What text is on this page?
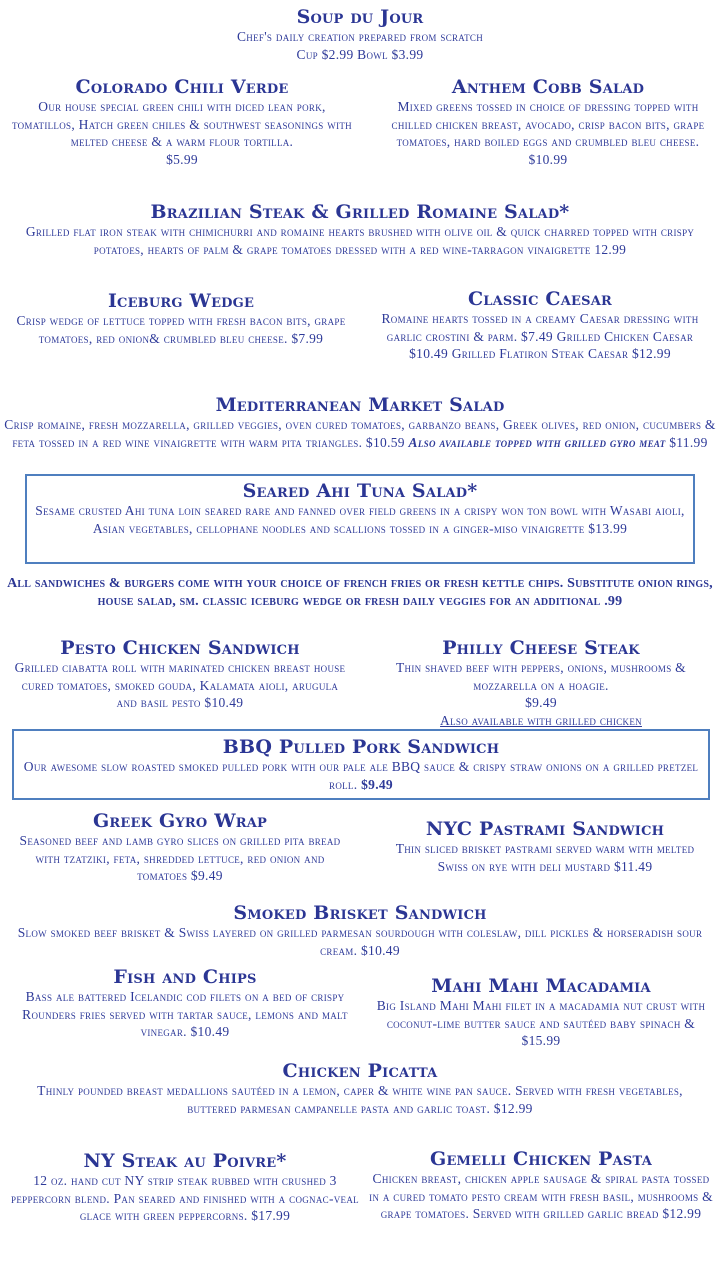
Soup du Jour
Chef's daily creation prepared from scratch
Cup $2.99 Bowl $3.99
Colorado Chili Verde
Our house special green chili with diced lean pork, tomatillos, Hatch green chiles & southwest seasonings with melted cheese & a warm flour tortilla.
$5.99
Anthem Cobb Salad
Mixed greens tossed in choice of dressing topped with chilled chicken breast, avocado, crisp bacon bits, grape tomatoes, hard boiled eggs and crumbled bleu cheese. $10.99
Brazilian Steak & Grilled Romaine Salad*
Grilled flat iron steak with chimichurri and romaine hearts brushed with olive oil & quick charred topped with crispy potatoes, hearts of palm & grape tomatoes dressed with a red wine-tarragon vinaigrette 12.99
Iceburg Wedge
Crisp wedge of lettuce topped with fresh bacon bits, grape tomatoes, red onion& crumbled bleu cheese. $7.99
Classic Caesar
Romaine hearts tossed in a creamy Caesar dressing with garlic crostini & parm. $7.49 Grilled Chicken Caesar $10.49 Grilled Flatiron Steak Caesar $12.99
Mediterranean Market Salad
Crisp romaine, fresh mozzarella, grilled veggies, oven cured tomatoes, garbanzo beans, Greek olives, red onion, cucumbers & feta tossed in a red wine vinaigrette with warm pita triangles. $10.59 Also available topped with grilled gyro meat $11.99
Seared Ahi Tuna Salad*
Sesame crusted Ahi tuna loin seared rare and fanned over field greens in a crispy won ton bowl with Wasabi aioli, Asian vegetables, cellophane noodles and scallions tossed in a ginger-miso vinaigrette $13.99
All sandwiches & burgers come with your choice of french fries or fresh kettle chips. Substitute onion rings, house salad, sm. classic iceburg wedge or fresh daily veggies for an additional .99
Pesto Chicken Sandwich
Grilled ciabatta roll with marinated chicken breast house cured tomatoes, smoked gouda, Kalamata aioli, arugula and basil pesto $10.49
Philly Cheese Steak
Thin shaved beef with peppers, onions, mushrooms & mozzarella on a hoagie.
$9.49
Also available with grilled chicken
BBQ Pulled Pork Sandwich
Our awesome slow roasted smoked pulled pork with our pale ale BBQ sauce & crispy straw onions on a grilled pretzel roll. $9.49
Greek Gyro Wrap
Seasoned beef and lamb gyro slices on grilled pita bread with tzatziki, feta, shredded lettuce, red onion and tomatoes $9.49
NYC Pastrami Sandwich
Thin sliced brisket pastrami served warm with melted Swiss on rye with deli mustard $11.49
Smoked Brisket Sandwich
Slow smoked beef brisket & Swiss layered on grilled parmesan sourdough with coleslaw, dill pickles & horseradish sour cream. $10.49
Fish and Chips
Bass ale battered Icelandic cod filets on a bed of crispy Rounders fries served with tartar sauce, lemons and malt vinegar. $10.49
Mahi Mahi Macadamia
Big Island Mahi Mahi filet in a macadamia nut crust with coconut-lime butter sauce and sautéed baby spinach & $15.99
Chicken Picatta
Thinly pounded breast medallions sautéed in a lemon, caper & white wine pan sauce. Served with fresh vegetables, buttered parmesan campanelle pasta and garlic toast. $12.99
NY Steak au Poivre*
12 oz. hand cut NY strip steak rubbed with crushed 3 peppercorn blend. Pan seared and finished with a cognac-veal glace with green peppercorns. $17.99
Gemelli Chicken Pasta
Chicken breast, chicken apple sausage & spiral pasta tossed in a cured tomato pesto cream with fresh basil, mushrooms & grape tomatoes. Served with grilled garlic bread $12.99
